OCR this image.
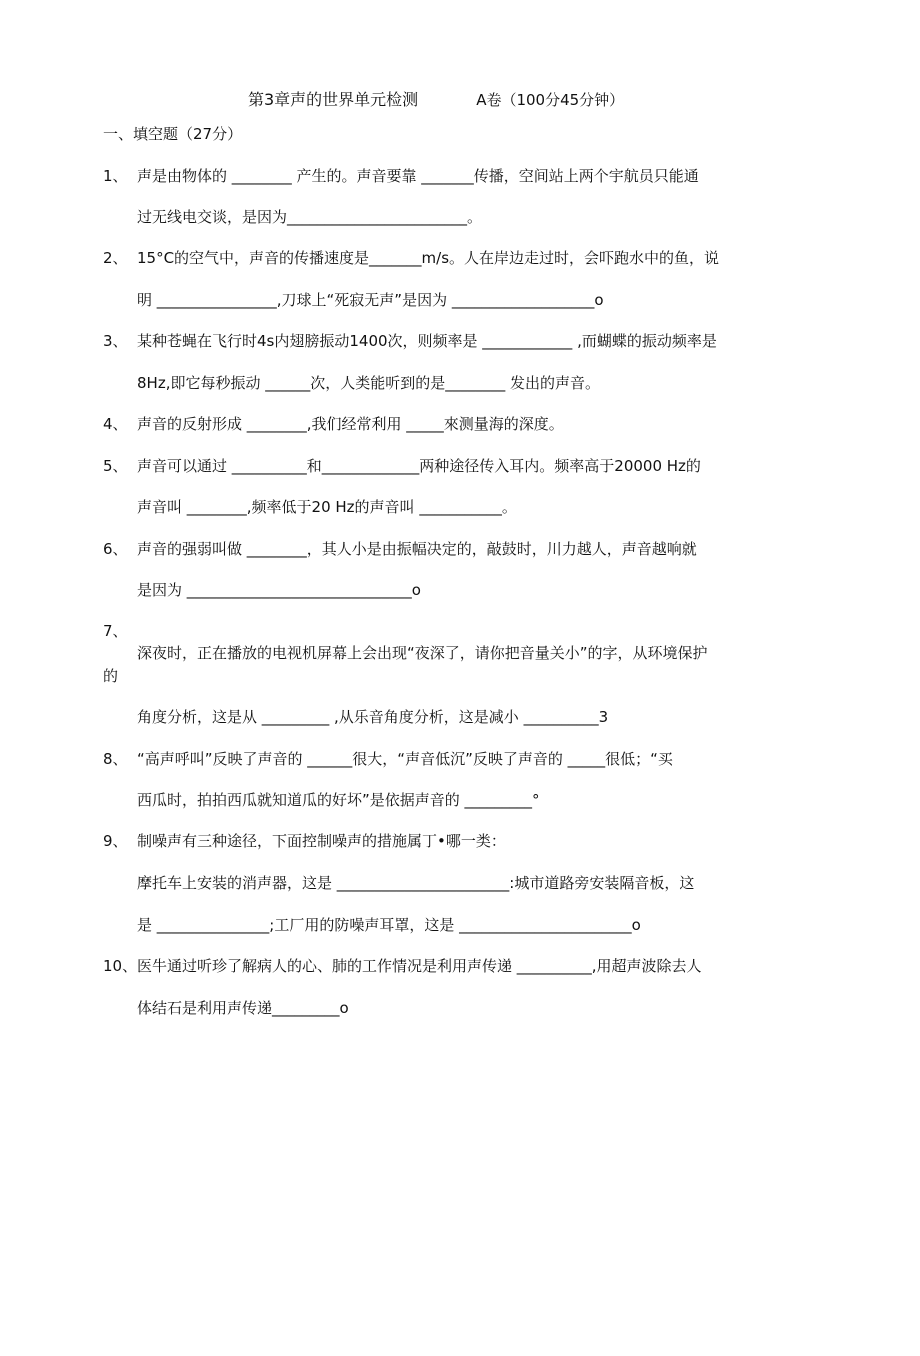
第3章声的世界单元检测	A卷（100分45分钟）
一、填空题（27分）
1、 声是由物体的 ________ 产生的。声音要靠 _______传播，空间站上两个宇航员只能通
过无线电交谈，是因为________________________。
2、 15°C的空气中，声音的传播速度是_______m/s。人在岸边走过时，会吓跑水中的鱼，说
明 ________________,刀球上“死寂无声”是因为 ___________________o
3、 某种苍蝇在飞行时4s内翅膀振动1400次，则频率是 ____________ ,而蝴蝶的振动频率是
8Hz,即它每秒振动 ______次，人类能听到的是________ 发出的声音。
4、 声音的反射形成 ________,我们经常利用 _____來测量海的深度。
5、 声音可以通过 __________和_____________两种途径传入耳内。频率高于20000 Hz的
声音叫 ________,频率低于20 Hz的声音叫 ___________。
6、 声音的强弱叫做 ________，其人小是由振幅决定的，敲鼓时，川力越人，声音越响就
是因为 ______________________________o
7、
深夜时，正在播放的电视机屏幕上会出现“夜深了，请你把音量关小”的字，从环境保护
的
角度分析，这是从 _________ ,从乐音角度分析，这是减小 __________3
8、 “高声呼叫”反映了声音的 ______很大，“声音低沉”反映了声音的 _____很低；“买
西瓜时，拍拍西瓜就知道瓜的好坏”是依据声音的 _________°
9、 制噪声有三种途径，下面控制噪声的措施属丁•哪一类：
摩托车上安装的消声器，这是 _______________________:城市道路旁安装隔音板，这
是 _______________;工厂用的防噪声耳罩，这是 _______________________o
10、 医牛通过听珍了解病人的心、肺的工作情况是利用声传递 __________,用超声波除去人
体结石是利用声传递_________o
